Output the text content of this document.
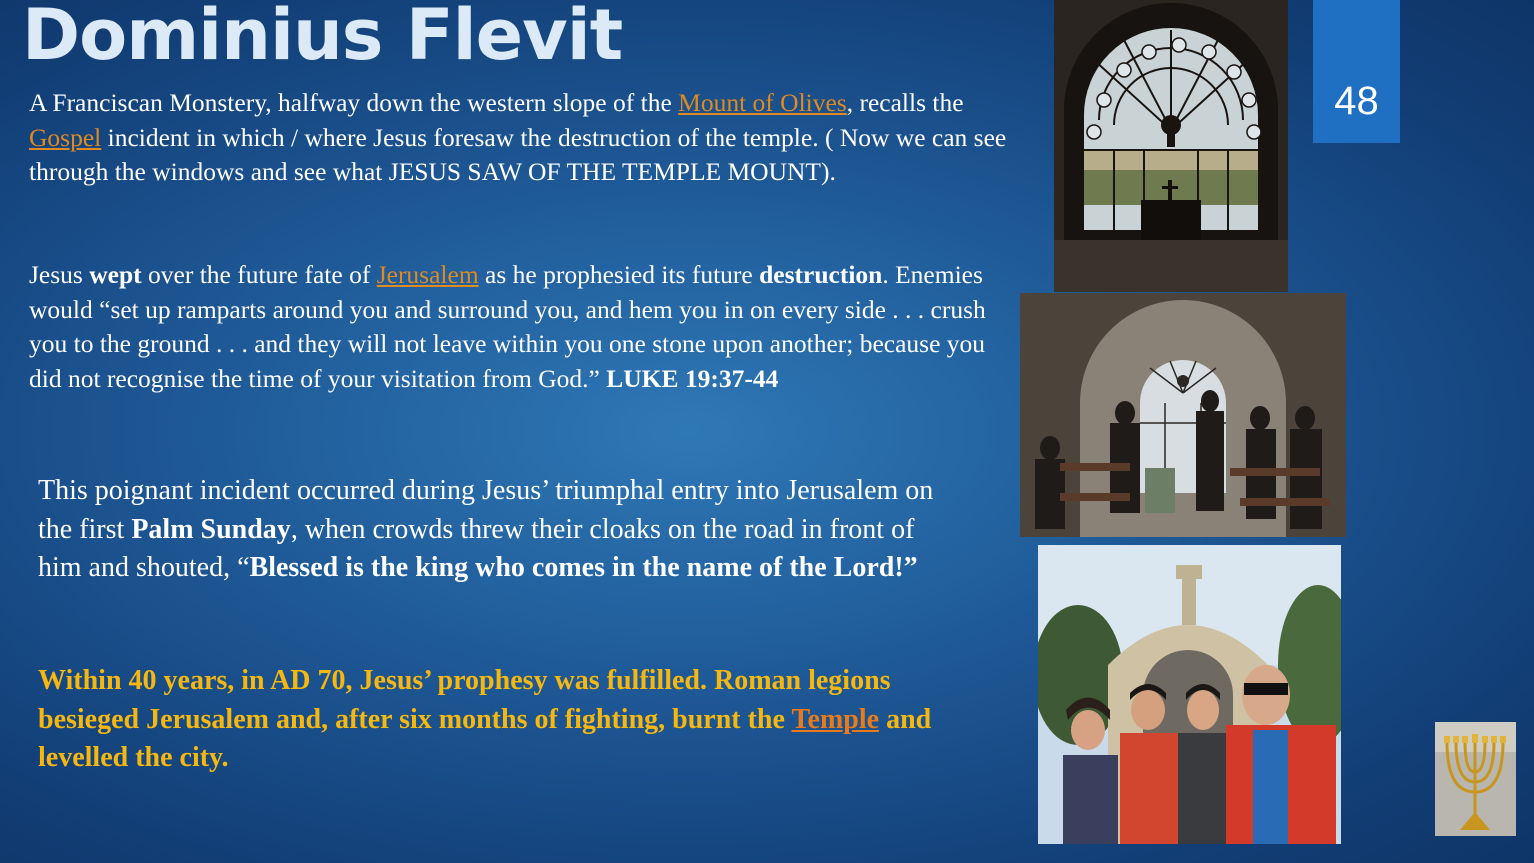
Dominius Flevit

A Franciscan Monstery, halfway down the western slope of the Mount of Olives, recalls the Gospel incident in which / where Jesus foresaw the destruction of the temple. ( Now we can see through the windows and see what JESUS SAW OF THE TEMPLE MOUNT).

Jesus wept over the future fate of Jerusalem as he prophesied its future destruction. Enemies would “set up ramparts around you and surround you, and hem you in on every side . . . crush you to the ground . . . and they will not leave within you one stone upon another; because you did not recognise the time of your visitation from God.” LUKE 19:37-44

This poignant incident occurred during Jesus’ triumphal entry into Jerusalem on the first Palm Sunday, when crowds threw their cloaks on the road in front of him and shouted, “Blessed is the king who comes in the name of the Lord!”

Within 40 years, in AD 70, Jesus’ prophesy was fulfilled. Roman legions besieged Jerusalem and, after six months of fighting, burnt the Temple and levelled the city.

48
